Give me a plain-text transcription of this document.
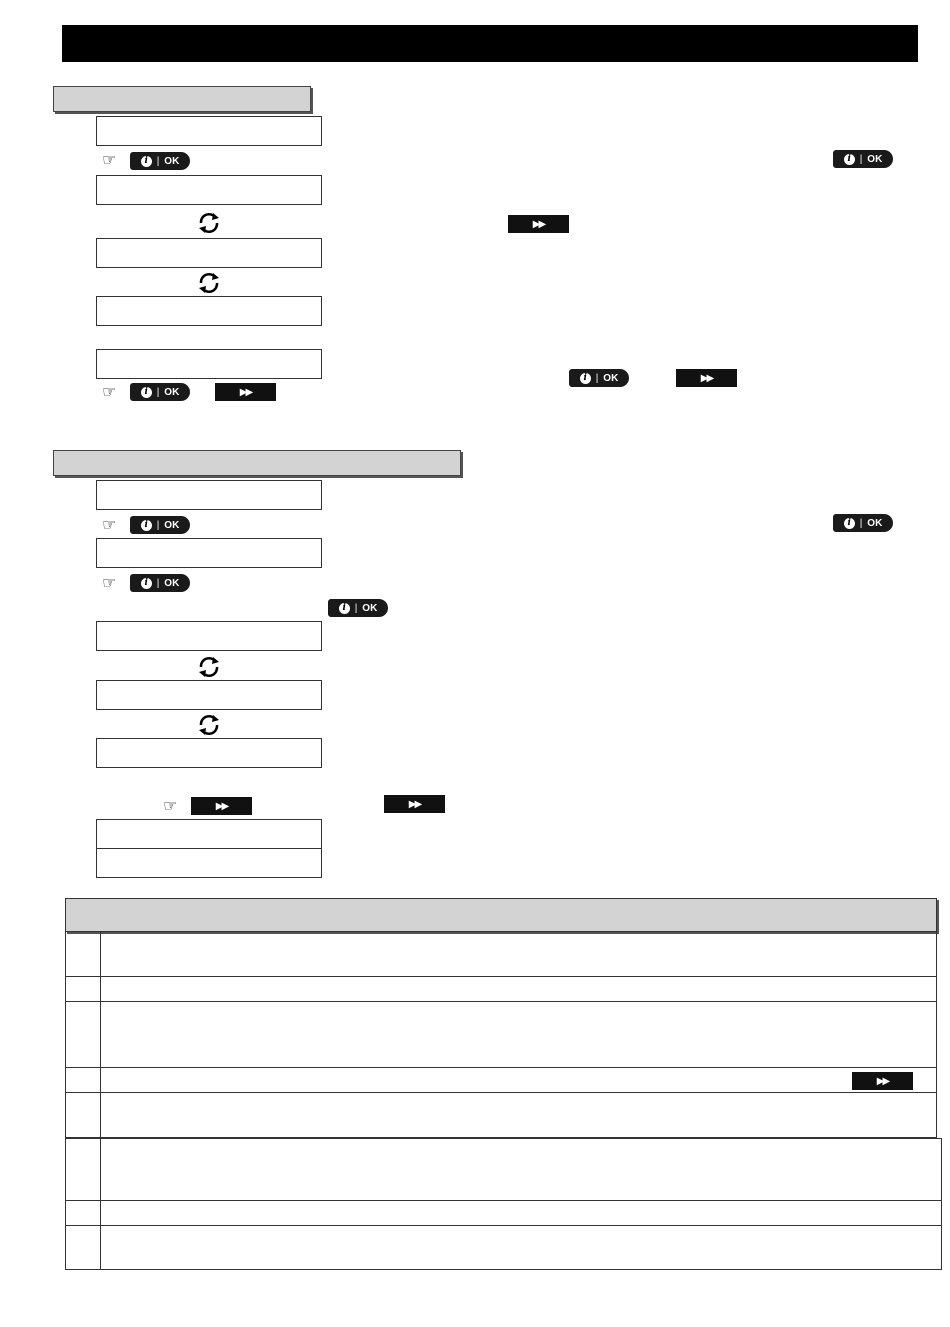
☞	i | OK	i | OK
▶▶
☞	i | OK	▶▶
i | OK	▶▶
☞	i | OK	i | OK
☞	i | OK
i | OK
☞	▶▶	▶▶
▶▶
